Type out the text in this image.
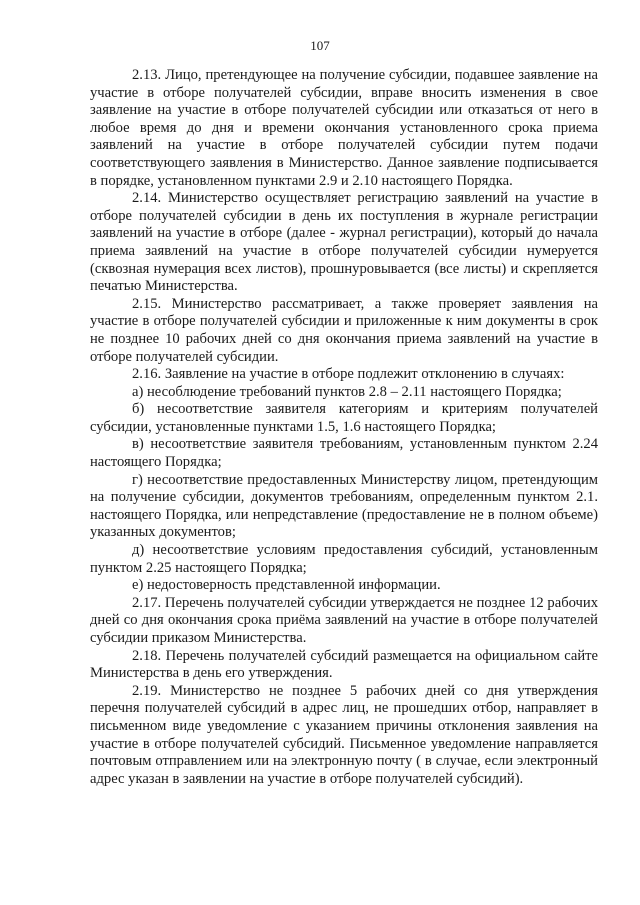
107

2.13. Лицо, претендующее на получение субсидии, подавшее заявление на участие в отборе получателей субсидии, вправе вносить изменения в свое заявление на участие в отборе получателей субсидии или отказаться от него в любое время до дня и времени окончания установленного срока приема заявлений на участие в отборе получателей субсидии путем подачи соответствующего заявления в Министерство. Данное заявление подписывается в порядке, установленном пунктами 2.9 и 2.10 настоящего Порядка.

2.14. Министерство осуществляет регистрацию заявлений на участие в отборе получателей субсидии в день их поступления в журнале регистрации заявлений на участие в отборе (далее - журнал регистрации), который до начала приема заявлений на участие в отборе получателей субсидии нумеруется (сквозная нумерация всех листов), прошнуровывается (все листы) и скрепляется печатью Министерства.

2.15. Министерство рассматривает, а также проверяет заявления на участие в отборе получателей субсидии и приложенные к ним документы в срок не позднее 10 рабочих дней со дня окончания приема заявлений на участие в отборе получателей субсидии.

2.16. Заявление на участие в отборе подлежит отклонению в случаях:

а) несоблюдение требований пунктов 2.8 – 2.11 настоящего Порядка;

б) несоответствие заявителя категориям и критериям получателей субсидии, установленные пунктами 1.5, 1.6 настоящего Порядка;

в) несоответствие заявителя требованиям, установленным пунктом 2.24 настоящего Порядка;

г) несоответствие предоставленных Министерству лицом, претендующим на получение субсидии, документов требованиям, определенным пунктом 2.1. настоящего Порядка, или непредставление (предоставление не в полном объеме) указанных документов;

д) несоответствие условиям предоставления субсидий, установленным пунктом 2.25 настоящего Порядка;

е) недостоверность представленной информации.

2.17. Перечень получателей субсидии утверждается не позднее 12 рабочих дней со дня окончания срока приёма заявлений на участие в отборе получателей субсидии приказом Министерства.

2.18. Перечень получателей субсидий размещается на официальном сайте Министерства в день его утверждения.

2.19. Министерство не позднее 5 рабочих дней со дня утверждения перечня получателей субсидий в адрес лиц, не прошедших отбор, направляет в письменном виде уведомление с указанием причины отклонения заявления на участие в отборе получателей субсидий. Письменное уведомление направляется почтовым отправлением или на электронную почту ( в случае, если электронный адрес указан в заявлении на участие в отборе получателей субсидий).
